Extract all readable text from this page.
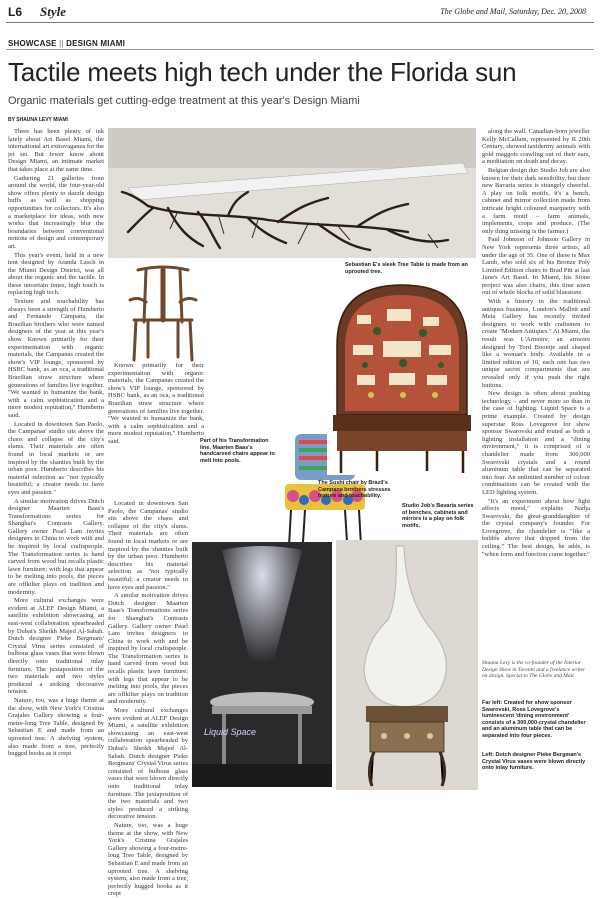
L6 Style	The Globe and Mail, Saturday, Dec. 20, 2008
SHOWCASE || DESIGN MIAMI
Tactile meets high tech under the Florida sun
Organic materials get cutting-edge treatment at this year's Design Miami
BY SHAUNA LEVY MIAMI

There has been plenty of ink lately about Art Basel Miami, the international art extravaganza for the jet set. But fewer know about Design Miami, an intimate market that takes place at the same time.

Gathering 21 galleries from around the world, the four-year-old show offers plenty to dazzle design buffs as well as shopping opportunities for collectors. It's also a marketplace for ideas, with new works that increasingly blur the boundaries between conventional notions of design and contemporary art.

This year's event, held in a new tent designed by Aranda Lasch in the Miami Design District, was all about the organic and the tactile. In these uncertain times, high touch is replacing high tech.

Texture and touchability has always been a strength of Humberto and Fernando Campana, the Brazilian brothers who were named designers of the year at this year's show. Known primarily for their experimentation with organic materials, the Campanas created the show's VIP lounge, sponsored by HSBC bank, as an oca, a traditional Brazilian straw structure where generations of families live together. "We wanted to humanize the bank, with a calm sophistication and a more modest reputation," Humberto said.

Located in downtown San Paolo, the Campanas' studio sits above the chaos and collapse of the city's slums. Their materials are often found in local markets or are inspired by the shanties built by the urban poor. Humberto describes his material selection as "not typically beautiful; a creator needs to have eyes and passion."

A similar motivation drives Dutch designer Maarten Baas's Transformations series for Shanghai's Contrasts Gallery. Gallery owner Pearl Lam invites designers to China to work with and be inspired by local craftspeople. The Transformation series is hand carved from wood but recalls plastic lawn furniture; with legs that appear to be melting into pools, the pieces are offkilter plays on tradition and modernity.

More cultural exchanges were evident at ALEF Design Miami, a satellite exhibition showcasing an east-west collaboration spearheaded by Dubai's Sheikh Majed Al-Sabah. Dutch designer Pieke Bergmans' Crystal Virus series consisted of bulbous glass vases that were blown directly onto traditional inlay furniture. The juxtaposition of the two materials and two styles produced a striking decorative tension.

Nature, too, was a huge theme at the show, with New York's Cristina Grajales Gallery showing a four-metre-long Tree Table, designed by Sebastian E and made from an uprooted tree. A shelving system, also made from a tree, perfectly hugged books as it crept

Sebastian E's sleek Tree Table is made from an uprooted tree.

Known primarily for their experimentation with organic materials, the Campanas created the show's VIP lounge, sponsored by HSBC bank, as an oca, a traditional Brazilian straw structure where generations of families live together. "We wanted to humanize the bank, with a calm sophistication and a more modest reputation," Humberto said.	Part of his Transformation line, Maarten Baas's handcarved chairs appear to melt into pools.
The Sushi chair by Brazil's Campana brothers stresses texture and touchability.
Studio Job's Bavaria series of benches, cabinets and mirrors is a play on folk motifs.

Located in downtown San Paolo, the Campanas' studio sits above the chaos and collapse of the city's slums. Their materials are often found in local markets or are inspired by the shanties built by the urban poor. Humberto describes his material selection as "not typically beautiful; a creator needs to have eyes and passion."

A similar motivation drives Dutch designer Maarten Baas's Transformations series for Shanghai's Contrasts Gallery. Gallery owner Pearl Lam invites designers to China to work with and be inspired by local craftspeople. The Transformation series is hand carved from wood but recalls plastic lawn furniture; with legs that appear to be melting into pools, the pieces are offkilter plays on tradition and modernity.

More cultural exchanges were evident at ALEF Design Miami, a satellite exhibition showcasing an east-west collaboration spearheaded by Dubai's Sheikh Majed Al-Sabah. Dutch designer Pieke Bergmans' Crystal Virus series consisted of bulbous glass vases that were blown directly onto traditional inlay furniture. The juxtaposition of the two materials and two styles produced a striking decorative tension.

Nature, too, was a huge theme at the show, with New York's Cristina Grajales Gallery showing a four-metre-long Tree Table, designed by Sebastian E and made from an uprooted tree. A shelving system, also made from a tree, perfectly hugged books as it crept

Liquid Space

along the wall. Canadian-born jeweller Kelly McCallum, represented by R 20th Century, showed taxidermy animals with gold maggots crawling out of their ears, a meditation on death and decay.

Belgian design duo Studio Job are also known for their dark sensibility, but their new Bavaria series is strangely cheerful. A play on folk motifs, it's a bench, cabinet and mirror collection made from intricate bright coloured marquetry with a farm motif – farm animals, implements, crops and produce. (The only thing missing is the farmer.)

Paul Johnson of Johnson Gallery in New York represents three artists, all under the age of 35. One of these is Max Lamb, who sold six of his Bronze Poly Limited Edition chairs to Brad Pitt at last June's Art Basel. In Miami, his Stone project was also chairs, this time sawn out of whole blocks of solid bluestone.

With a history in the traditional antiques business, London's Mallett and Meta Gallery has recently invited designers to work with craftsmen to create "Modern Antiques." At Miami, the result was L'Armoire, an armoire designed by Tord Boontje and shaped like a woman's body. Available in a limited edition of 10, each one has two unique secret compartments that are revealed only if you push the right buttons.

New design is often about pushing technology – and never more so than in the case of lighting. Liquid Space is a prime example. Created by design superstar Ross Lovegrove for show sponsor Swarovski and touted as both a lighting installation and a "dining environment," it is comprised of a chandelier made from 300,000 Swarovski crystals and a round aluminum table that can be separated into four. An unlimited number of colour combinations can be created with the LED lighting system.

"It's an experiment about how light affects mood," explains Nadja Swarovski, the great-granddaughter of the crystal company's founder. For Lovegrove, the chandelier is "like a bubble above that dripped from the ceiling." The best design, he adds, is "when form and function come together."

Shauna Levy is the co-founder of the Interior Design Show in Toronto and a freelance writer on design. Special to The Globe and Mail
Far left: Created for show sponsor Swarovski, Ross Lovegrove's luminescent 'dining environment' consists of a 300,000-crystal chandelier and an aluminum table that can be separated into four pieces.
Left: Dutch designer Pieke Bergman's Crystal Virus vases were blown directly onto inlay furniture.
